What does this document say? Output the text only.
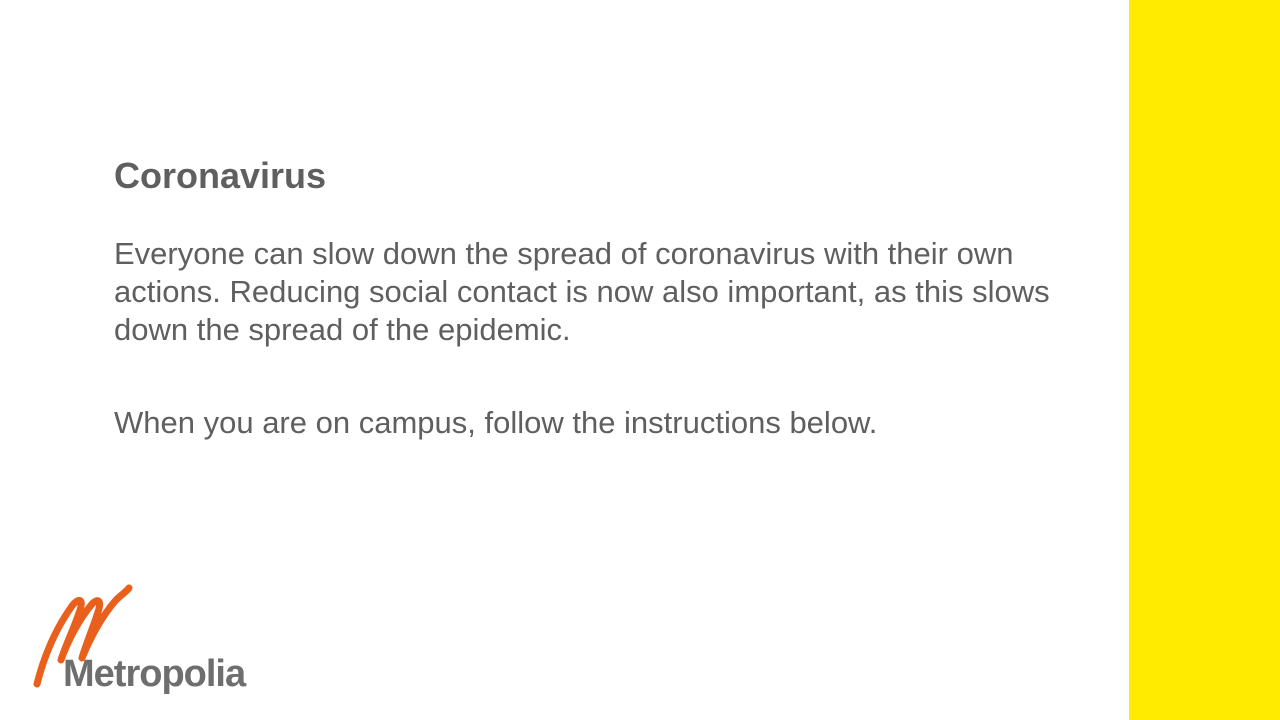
Coronavirus

Everyone can slow down the spread of coronavirus with their own actions. Reducing social contact is now also important, as this slows down the spread of the epidemic.

When you are on campus, follow the instructions below.

Metropolia
